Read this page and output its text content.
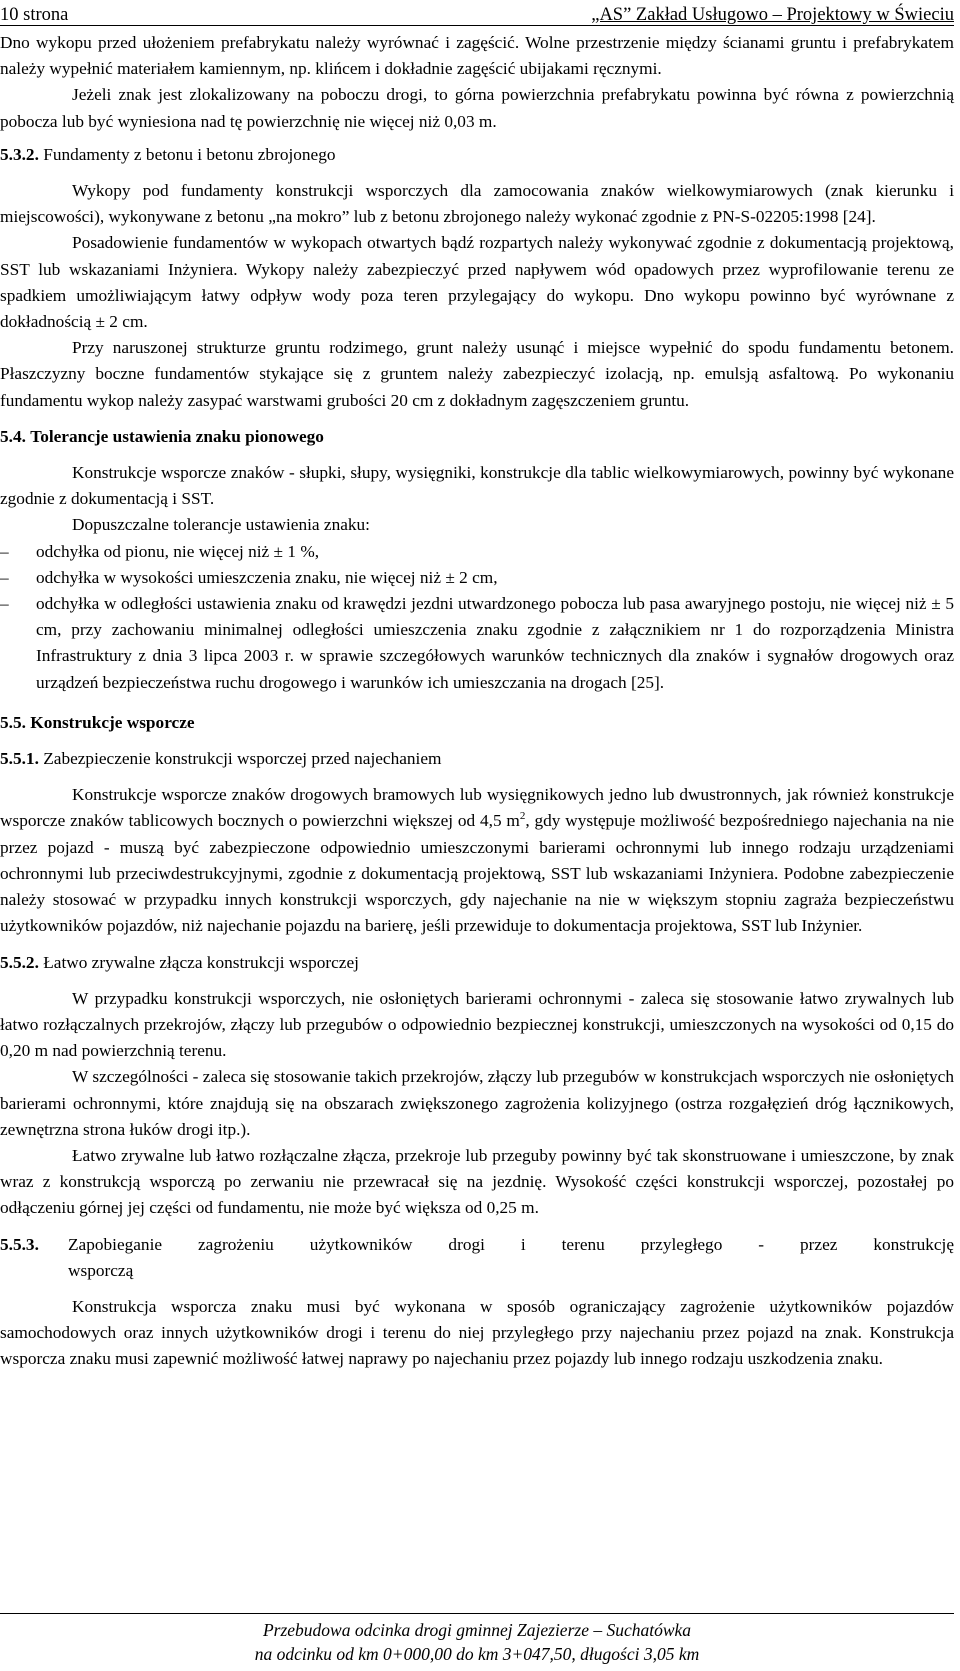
10 strona	„AS” Zakład Usługowo – Projektowy w Świeciu

Dno wykopu przed ułożeniem prefabrykatu należy wyrównać i zagęścić. Wolne przestrzenie między ścianami gruntu i prefabrykatem należy wypełnić materiałem kamiennym, np. klińcem i dokładnie zagęścić ubijakami ręcznymi.

Jeżeli znak jest zlokalizowany na poboczu drogi, to górna powierzchnia prefabrykatu powinna być równa z powierzchnią pobocza lub być wyniesiona nad tę powierzchnię nie więcej niż 0,03 m.

5.3.2. Fundamenty z betonu i betonu zbrojonego

Wykopy pod fundamenty konstrukcji wsporczych dla zamocowania znaków wielkowymiarowych (znak kierunku i miejscowości), wykonywane z betonu „na mokro” lub z betonu zbrojonego należy wykonać zgodnie z PN-S-02205:1998 [24].

Posadowienie fundamentów w wykopach otwartych bądź rozpartych należy wykonywać zgodnie z dokumentacją projektową, SST lub wskazaniami Inżyniera. Wykopy należy zabezpieczyć przed napływem wód opadowych przez wyprofilowanie terenu ze spadkiem umożliwiającym łatwy odpływ wody poza teren przylegający do wykopu. Dno wykopu powinno być wyrównane z dokładnością ± 2 cm.

Przy naruszonej strukturze gruntu rodzimego, grunt należy usunąć i miejsce wypełnić do spodu fundamentu betonem. Płaszczyzny boczne fundamentów stykające się z gruntem należy zabezpieczyć izolacją, np. emulsją asfaltową. Po wykonaniu fundamentu wykop należy zasypać warstwami grubości 20 cm z dokładnym zagęszczeniem gruntu.

5.4. Tolerancje ustawienia znaku pionowego

Konstrukcje wsporcze znaków - słupki, słupy, wysięgniki, konstrukcje dla tablic wielkowymiarowych, powinny być wykonane zgodnie z dokumentacją i SST.

Dopuszczalne tolerancje ustawienia znaku:

– odchyłka od pionu, nie więcej niż ± 1 %,
– odchyłka w wysokości umieszczenia znaku, nie więcej niż ± 2 cm,
– odchyłka w odległości ustawienia znaku od krawędzi jezdni utwardzonego pobocza lub pasa awaryjnego postoju, nie więcej niż ± 5 cm, przy zachowaniu minimalnej odległości umieszczenia znaku zgodnie z załącznikiem nr 1 do rozporządzenia Ministra Infrastruktury z dnia 3 lipca 2003 r. w sprawie szczegółowych warunków technicznych dla znaków i sygnałów drogowych oraz urządzeń bezpieczeństwa ruchu drogowego i warunków ich umieszczania na drogach [25].

5.5. Konstrukcje wsporcze

5.5.1. Zabezpieczenie konstrukcji wsporczej przed najechaniem

Konstrukcje wsporcze znaków drogowych bramowych lub wysięgnikowych jedno lub dwustronnych, jak również konstrukcje wsporcze znaków tablicowych bocznych o powierzchni większej od 4,5 $m^2$, gdy występuje możliwość bezpośredniego najechania na nie przez pojazd - muszą być zabezpieczone odpowiednio umieszczonymi barierami ochronnymi lub innego rodzaju urządzeniami ochronnymi lub przeciwdestrukcyjnymi, zgodnie z dokumentacją projektową, SST lub wskazaniami Inżyniera. Podobne zabezpieczenie należy stosować w przypadku innych konstrukcji wsporczych, gdy najechanie na nie w większym stopniu zagraża bezpieczeństwu użytkowników pojazdów, niż najechanie pojazdu na barierę, jeśli przewiduje to dokumentacja projektowa, SST lub Inżynier.

5.5.2. Łatwo zrywalne złącza konstrukcji wsporczej

W przypadku konstrukcji wsporczych, nie osłoniętych barierami ochronnymi - zaleca się stosowanie łatwo zrywalnych lub łatwo rozłączalnych przekrojów, złączy lub przegubów o odpowiednio bezpiecznej konstrukcji, umieszczonych na wysokości od 0,15 do 0,20 m nad powierzchnią terenu.

W szczególności - zaleca się stosowanie takich przekrojów, złączy lub przegubów w konstrukcjach wsporczych nie osłoniętych barierami ochronnymi, które znajdują się na obszarach zwiększonego zagrożenia kolizyjnego (ostrza rozgałęzień dróg łącznikowych, zewnętrzna strona łuków drogi itp.).

Łatwo zrywalne lub łatwo rozłączalne złącza, przekroje lub przeguby powinny być tak skonstruowane i umieszczone, by znak wraz z konstrukcją wsporczą po zerwaniu nie przewracał się na jezdnię. Wysokość części konstrukcji wsporczej, pozostałej po odłączeniu górnej jej części od fundamentu, nie może być większa od 0,25 m.

5.5.3.	Zapobieganie zagrożeniu użytkowników drogi i terenu przyległego - przez konstrukcję
wsporczą

Konstrukcja wsporcza znaku musi być wykonana w sposób ograniczający zagrożenie użytkowników pojazdów samochodowych oraz innych użytkowników drogi i terenu do niej przyległego przy najechaniu przez pojazd na znak. Konstrukcja wsporcza znaku musi zapewnić możliwość łatwej naprawy po najechaniu przez pojazdy lub innego rodzaju uszkodzenia znaku.

Przebudowa odcinka drogi gminnej Zajezierze – Suchatówka
na odcinku od km 0+000,00 do km 3+047,50, długości 3,05 km
